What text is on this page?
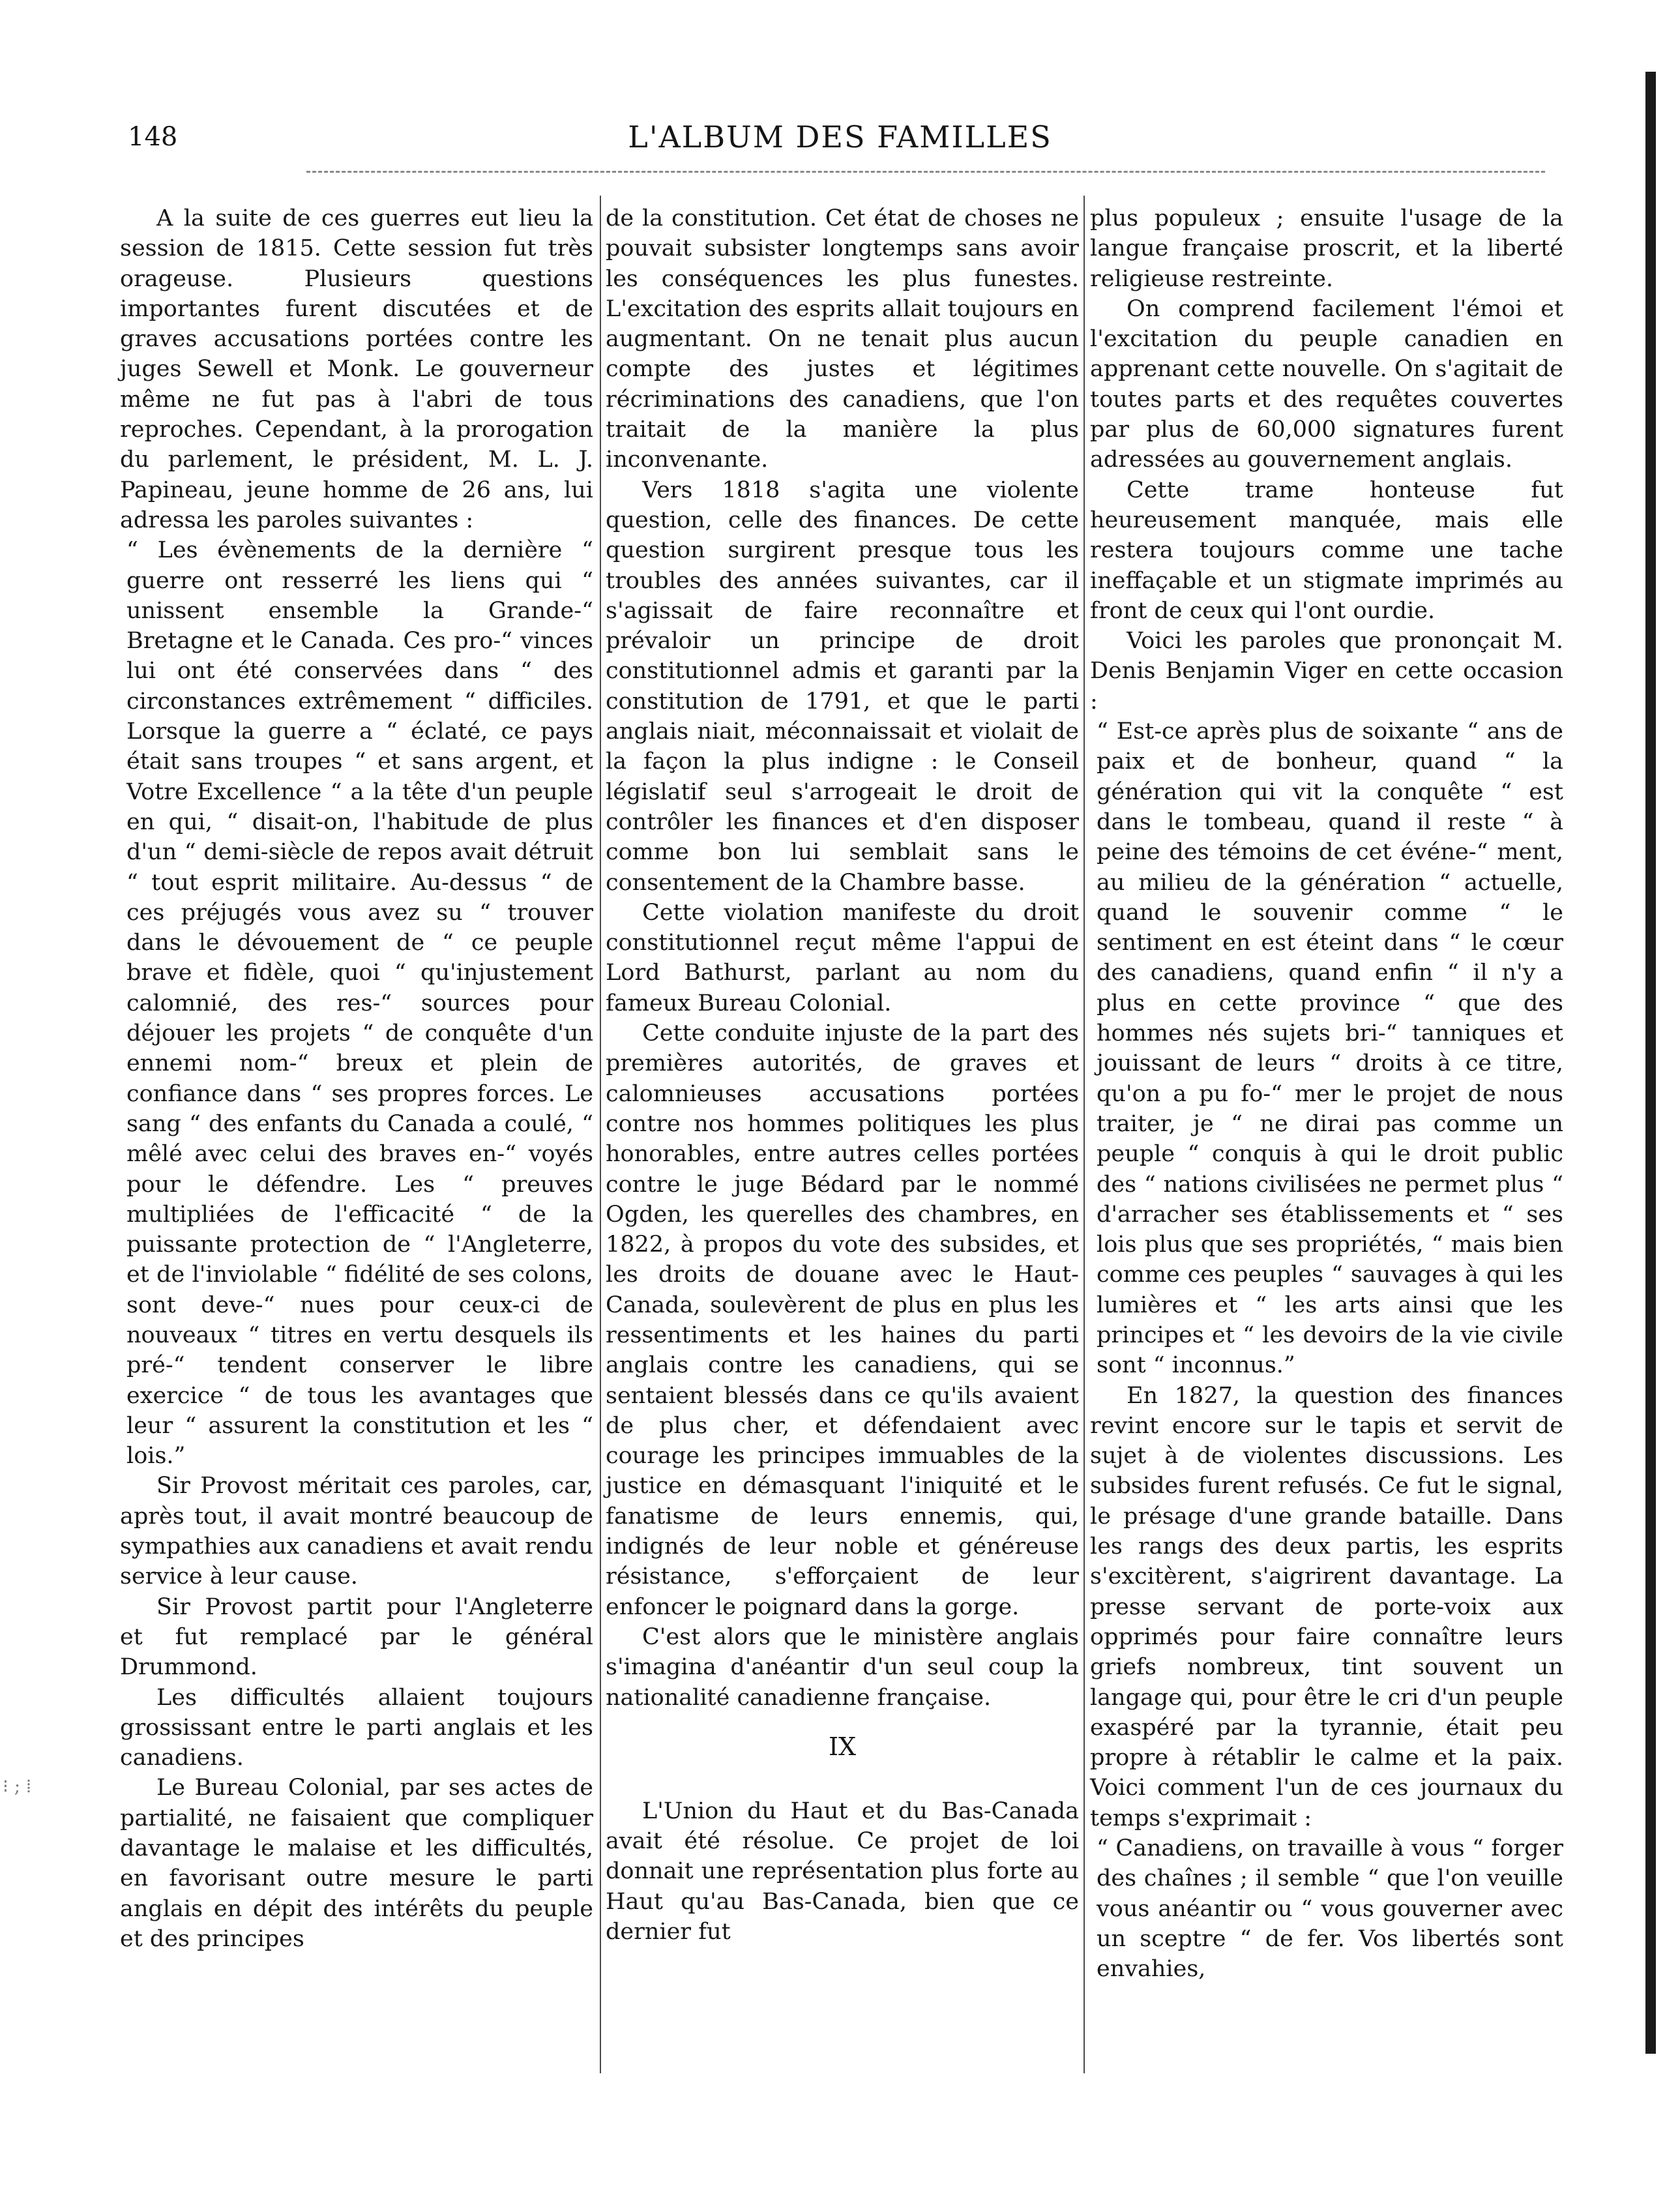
148	L'ALBUM DES FAMILLES

A la suite de ces guerres eut lieu la session de 1815. Cette session fut très orageuse. Plusieurs questions importantes furent discutées et de graves accusations portées contre les juges Sewell et Monk. Le gouverneur même ne fut pas à l'abri de tous reproches. Cependant, à la prorogation du parlement, le président, M. L. J. Papineau, jeune homme de 26 ans, lui adressa les paroles suivantes :

“ Les évènements de la dernière “ guerre ont resserré les liens qui “ unissent ensemble la Grande-“ Bretagne et le Canada. Ces pro-“ vinces lui ont été conservées dans “ des circonstances extrêmement “ difficiles. Lorsque la guerre a “ éclaté, ce pays était sans troupes “ et sans argent, et Votre Excellence “ a la tête d'un peuple en qui, “ disait-on, l'habitude de plus d'un “ demi-siècle de repos avait détruit “ tout esprit militaire. Au-dessus “ de ces préjugés vous avez su “ trouver dans le dévouement de “ ce peuple brave et fidèle, quoi “ qu'injustement calomnié, des res-“ sources pour déjouer les projets “ de conquête d'un ennemi nom-“ breux et plein de confiance dans “ ses propres forces. Le sang “ des enfants du Canada a coulé, “ mêlé avec celui des braves en-“ voyés pour le défendre. Les “ preuves multipliées de l'efficacité “ de la puissante protection de “ l'Angleterre, et de l'inviolable “ fidélité de ses colons, sont deve-“ nues pour ceux-ci de nouveaux “ titres en vertu desquels ils pré-“ tendent conserver le libre exercice “ de tous les avantages que leur “ assurent la constitution et les “ lois.”

Sir Provost méritait ces paroles, car, après tout, il avait montré beaucoup de sympathies aux canadiens et avait rendu service à leur cause.

Sir Provost partit pour l'Angleterre et fut remplacé par le général Drummond.

Les difficultés allaient toujours grossissant entre le parti anglais et les canadiens.

Le Bureau Colonial, par ses actes de partialité, ne faisaient que compliquer davantage le malaise et les difficultés, en favorisant outre mesure le parti anglais en dépit des intérêts du peuple et des principes

de la constitution. Cet état de choses ne pouvait subsister longtemps sans avoir les conséquences les plus funestes. L'excitation des esprits allait toujours en augmentant. On ne tenait plus aucun compte des justes et légitimes récriminations des canadiens, que l'on traitait de la manière la plus inconvenante.

Vers 1818 s'agita une violente question, celle des finances. De cette question surgirent presque tous les troubles des années suivantes, car il s'agissait de faire reconnaître et prévaloir un principe de droit constitutionnel admis et garanti par la constitution de 1791, et que le parti anglais niait, méconnaissait et violait de la façon la plus indigne : le Conseil législatif seul s'arrogeait le droit de contrôler les finances et d'en disposer comme bon lui semblait sans le consentement de la Chambre basse.

Cette violation manifeste du droit constitutionnel reçut même l'appui de Lord Bathurst, parlant au nom du fameux Bureau Colonial.

Cette conduite injuste de la part des premières autorités, de graves et calomnieuses accusations portées contre nos hommes politiques les plus honorables, entre autres celles portées contre le juge Bédard par le nommé Ogden, les querelles des chambres, en 1822, à propos du vote des subsides, et les droits de douane avec le Haut-Canada, soulevèrent de plus en plus les ressentiments et les haines du parti anglais contre les canadiens, qui se sentaient blessés dans ce qu'ils avaient de plus cher, et défendaient avec courage les principes immuables de la justice en démasquant l'iniquité et le fanatisme de leurs ennemis, qui, indignés de leur noble et généreuse résistance, s'efforçaient de leur enfoncer le poignard dans la gorge.

C'est alors que le ministère anglais s'imagina d'anéantir d'un seul coup la nationalité canadienne française.

IX

L'Union du Haut et du Bas-Canada avait été résolue. Ce projet de loi donnait une représentation plus forte au Haut qu'au Bas-Canada, bien que ce dernier fut

plus populeux ; ensuite l'usage de la langue française proscrit, et la liberté religieuse restreinte.

On comprend facilement l'émoi et l'excitation du peuple canadien en apprenant cette nouvelle. On s'agitait de toutes parts et des requêtes couvertes par plus de 60,000 signatures furent adressées au gouvernement anglais.

Cette trame honteuse fut heureusement manquée, mais elle restera toujours comme une tache ineffaçable et un stigmate imprimés au front de ceux qui l'ont ourdie.

Voici les paroles que prononçait M. Denis Benjamin Viger en cette occasion :

“ Est-ce après plus de soixante “ ans de paix et de bonheur, quand “ la génération qui vit la conquête “ est dans le tombeau, quand il reste “ à peine des témoins de cet événe-“ ment, au milieu de la génération “ actuelle, quand le souvenir comme “ le sentiment en est éteint dans “ le cœur des canadiens, quand enfin “ il n'y a plus en cette province “ que des hommes nés sujets bri-“ tanniques et jouissant de leurs “ droits à ce titre, qu'on a pu fo-“ mer le projet de nous traiter, je “ ne dirai pas comme un peuple “ conquis à qui le droit public des “ nations civilisées ne permet plus “ d'arracher ses établissements et “ ses lois plus que ses propriétés, “ mais bien comme ces peuples “ sauvages à qui les lumières et “ les arts ainsi que les principes et “ les devoirs de la vie civile sont “ inconnus.”

En 1827, la question des finances revint encore sur le tapis et servit de sujet à de violentes discussions. Les subsides furent refusés. Ce fut le signal, le présage d'une grande bataille. Dans les rangs des deux partis, les esprits s'excitèrent, s'aigrirent davantage. La presse servant de porte-voix aux opprimés pour faire connaître leurs griefs nombreux, tint souvent un langage qui, pour être le cri d'un peuple exaspéré par la tyrannie, était peu propre à rétablir le calme et la paix. Voici comment l'un de ces journaux du temps s'exprimait :

“ Canadiens, on travaille à vous “ forger des chaînes ; il semble “ que l'on veuille vous anéantir ou “ vous gouverner avec un sceptre “ de fer. Vos libertés sont envahies,

⁝ ; ⁞
